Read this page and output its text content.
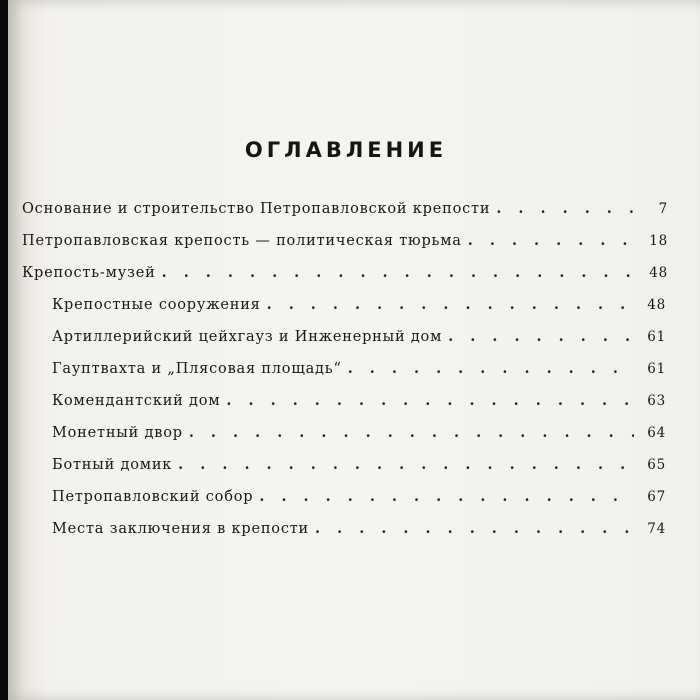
ОГЛАВЛЕНИЕ
Основание и строительство Петропавловской крепости . . .	7
Петропавловская крепость — политическая тюрьма . . .	18
Крепость-музей . . .	48
Крепостные сооружения . . .	48
Артиллерийский цейхгауз и Инженерный дом . . .	61
Гауптвахта и „Плясовая площадь“ . . .	61
Комендантский дом . . .	63
Монетный двор . . .	64
Ботный домик . . .	65
Петропавловский собор . . .	67
Места заключения в крепости . . .	74
